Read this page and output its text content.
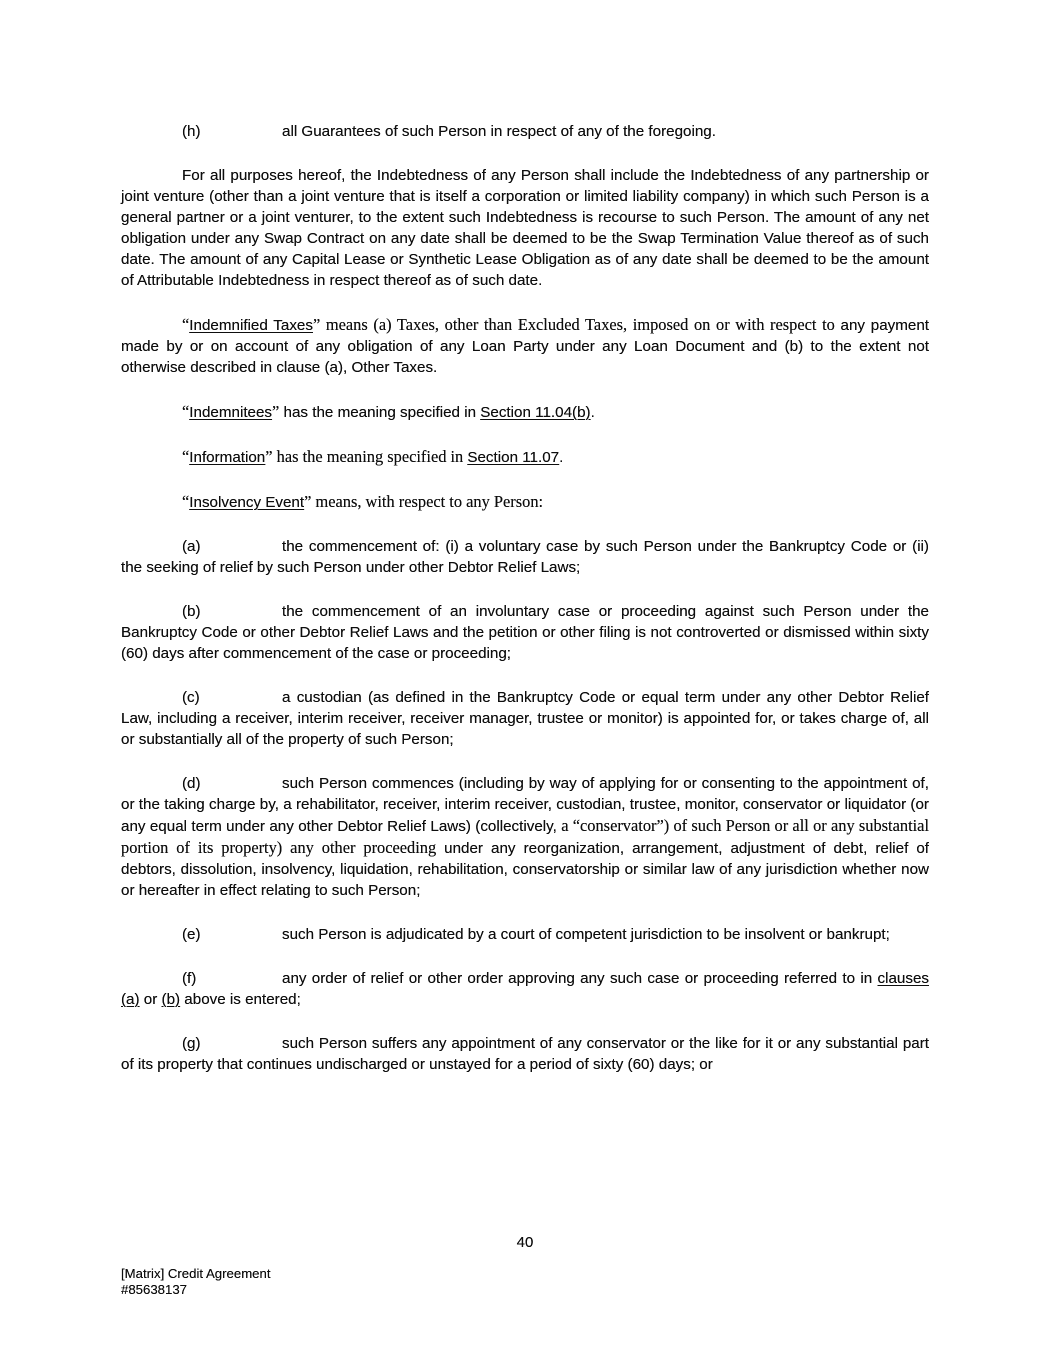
(h)	all Guarantees of such Person in respect of any of the foregoing.

For all purposes hereof, the Indebtedness of any Person shall include the Indebtedness of any partnership or joint venture (other than a joint venture that is itself a corporation or limited liability company) in which such Person is a general partner or a joint venturer, to the extent such Indebtedness is recourse to such Person. The amount of any net obligation under any Swap Contract on any date shall be deemed to be the Swap Termination Value thereof as of such date. The amount of any Capital Lease or Synthetic Lease Obligation as of any date shall be deemed to be the amount of Attributable Indebtedness in respect thereof as of such date.

“Indemnified Taxes” means (a) Taxes, other than Excluded Taxes, imposed on or with respect to any payment made by or on account of any obligation of any Loan Party under any Loan Document and (b) to the extent not otherwise described in clause (a), Other Taxes.

“Indemnitees” has the meaning specified in Section 11.04(b).

“Information” has the meaning specified in Section 11.07.

“Insolvency Event” means, with respect to any Person:

(a)	the commencement of: (i) a voluntary case by such Person under the Bankruptcy Code or (ii) the seeking of relief by such Person under other Debtor Relief Laws;

(b)	the commencement of an involuntary case or proceeding against such Person under the Bankruptcy Code or other Debtor Relief Laws and the petition or other filing is not controverted or dismissed within sixty (60) days after commencement of the case or proceeding;

(c)	a custodian (as defined in the Bankruptcy Code or equal term under any other Debtor Relief Law, including a receiver, interim receiver, receiver manager, trustee or monitor) is appointed for, or takes charge of, all or substantially all of the property of such Person;

(d)	such Person commences (including by way of applying for or consenting to the appointment of, or the taking charge by, a rehabilitator, receiver, interim receiver, custodian, trustee, monitor, conservator or liquidator (or any equal term under any other Debtor Relief Laws) (collectively, a “conservator”) of such Person or all or any substantial portion of its property) any other proceeding under any reorganization, arrangement, adjustment of debt, relief of debtors, dissolution, insolvency, liquidation, rehabilitation, conservatorship or similar law of any jurisdiction whether now or hereafter in effect relating to such Person;

(e)	such Person is adjudicated by a court of competent jurisdiction to be insolvent or bankrupt;

(f)	any order of relief or other order approving any such case or proceeding referred to in clauses (a) or (b) above is entered;

(g)	such Person suffers any appointment of any conservator or the like for it or any substantial part of its property that continues undischarged or unstayed for a period of sixty (60) days; or

40
[Matrix] Credit Agreement
#85638137
